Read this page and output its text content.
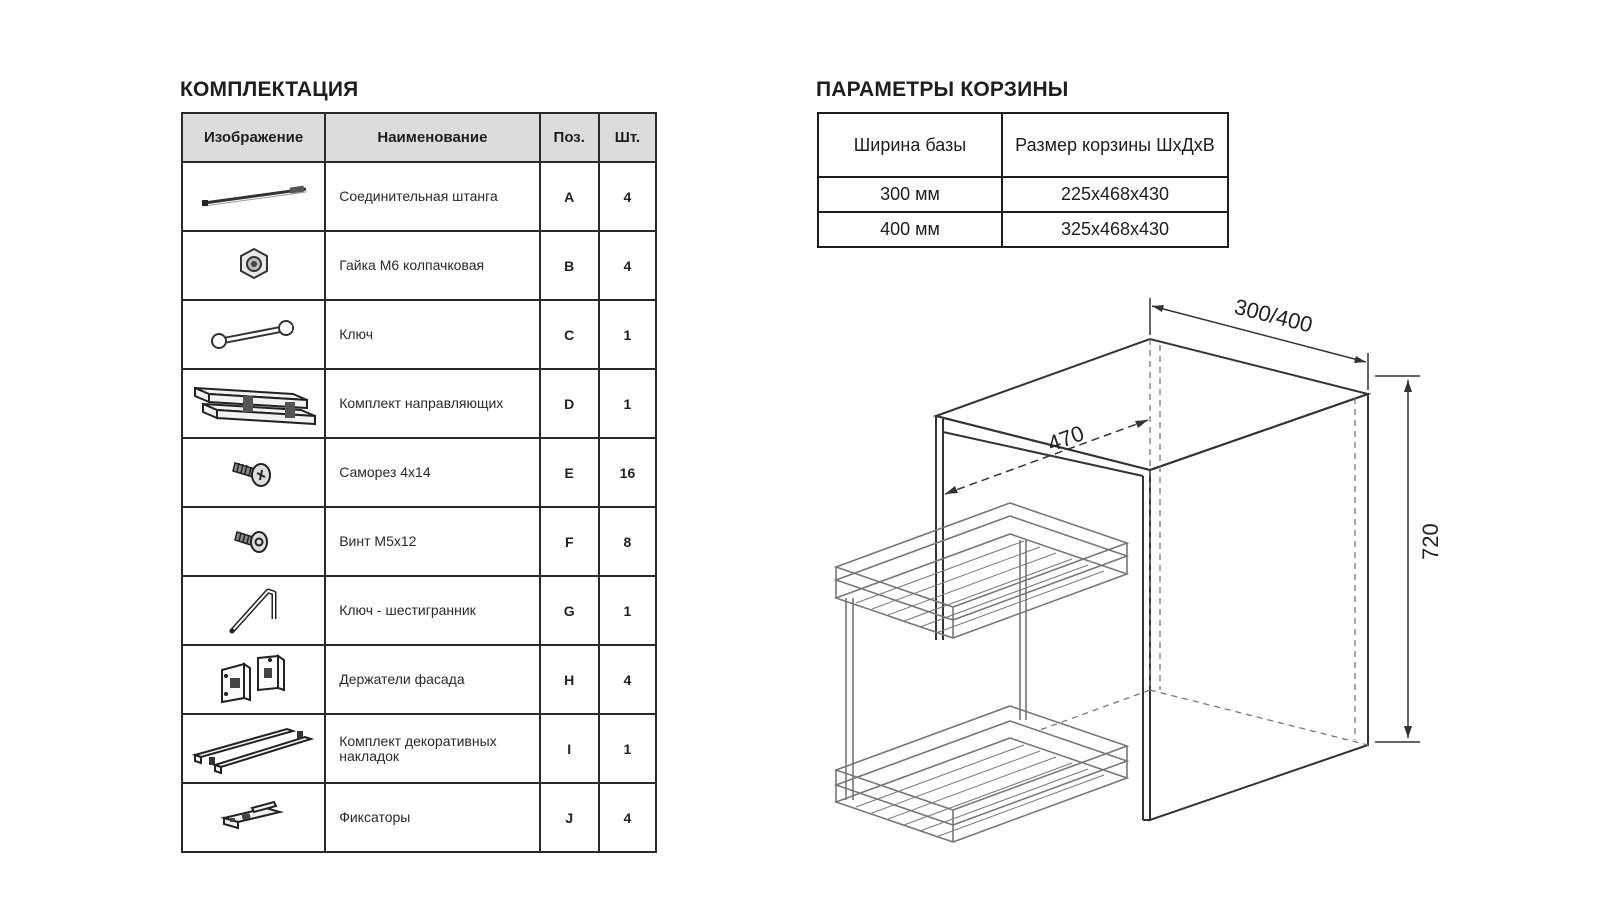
КОМПЛЕКТАЦИЯ	ПАРАМЕТРЫ КОРЗИНЫ
Изображение	Наименование	Поз.	Шт.
	Соединительная штанга	A	4
	Гайка М6 колпачковая	B	4
	Ключ	C	1
	Комплект направляющих	D	1
	Саморез 4х14	E	16
	Винт М5х12	F	8
	Ключ - шестигранник	G	1
	Держатели фасада	H	4
	Комплект декоративных накладок	I	1
	Фиксаторы	J	4
Ширина базы	Размер корзины ШхДхВ
300 мм	225х468х430
400 мм	325х468х430
300/400
470
720
